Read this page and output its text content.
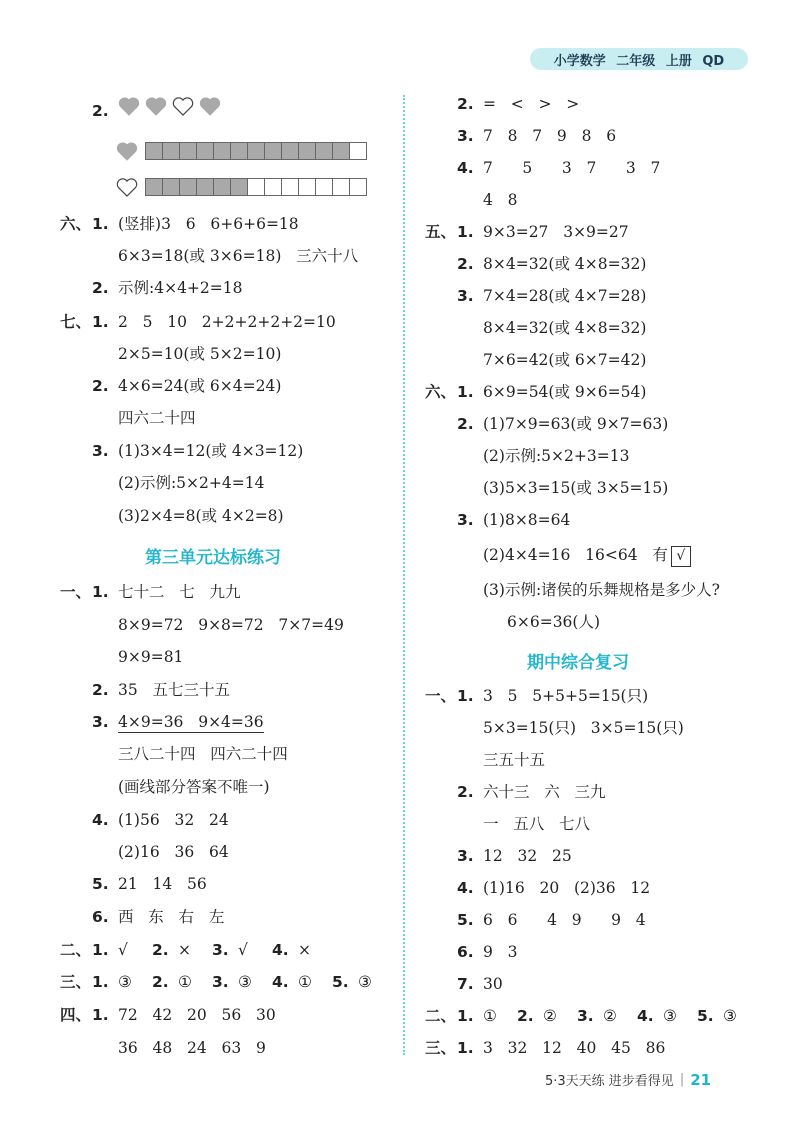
小学数学 二年级 上册 QD
2.
六、 1. (竖排)3   6   6+6+6=18
6×3=18(或 3×6=18)   三六十八
2. 示例:4×4+2=18
七、 1. 2   5   10   2+2+2+2+2=10
2×5=10(或 5×2=10)
2. 4×6=24(或 6×4=24)
四六二十四
3. (1)3×4=12(或 4×3=12)
(2)示例:5×2+4=14
(3)2×4=8(或 4×2=8)
第三单元达标练习
一、 1. 七十二   七   九九
8×9=72   9×8=72   7×7=49
9×9=81
2. 35   五七三十五
3. 4×9=36   9×4=36
三八二十四   四六二十四
(画线部分答案不唯一)
4. (1)56   32   24
(2)16   36   64
5. 21   14   56
6. 西   东   右   左
二、 1. √	2. ×	3. √	4. ×
三、 1. ③	2. ①	3. ③	4. ①	5. ③
四、 1. 72   42   20   56   30
36   48   24   63   9
2. =   <   >   >
3. 7   8   7   9   8   6
4. 7      5      3   7      3   7
4   8
五、 1. 9×3=27   3×9=27
2. 8×4=32(或 4×8=32)
3. 7×4=28(或 4×7=28)
8×4=32(或 4×8=32)
7×6=42(或 6×7=42)
六、 1. 6×9=54(或 9×6=54)
2. (1)7×9=63(或 9×7=63)
(2)示例:5×2+3=13
(3)5×3=15(或 3×5=15)
3. (1)8×8=64
(2)4×4=16   16<64   有 √
(3)示例:诸侯的乐舞规格是多少人?
6×6=36(人)
期中综合复习
一、 1. 3   5   5+5+5=15(只)
5×3=15(只)   3×5=15(只)
三五十五
2. 六十三   六   三九
一   五八   七八
3. 12   32   25
4. (1)16   20   (2)36   12
5. 6   6      4   9      9   4
6. 9   3
7. 30
二、 1. ①	2. ②	3. ②	4. ③	5. ③
三、 1. 3   32   12   40   45   86
5·3天天练 进步看得见 | 21
